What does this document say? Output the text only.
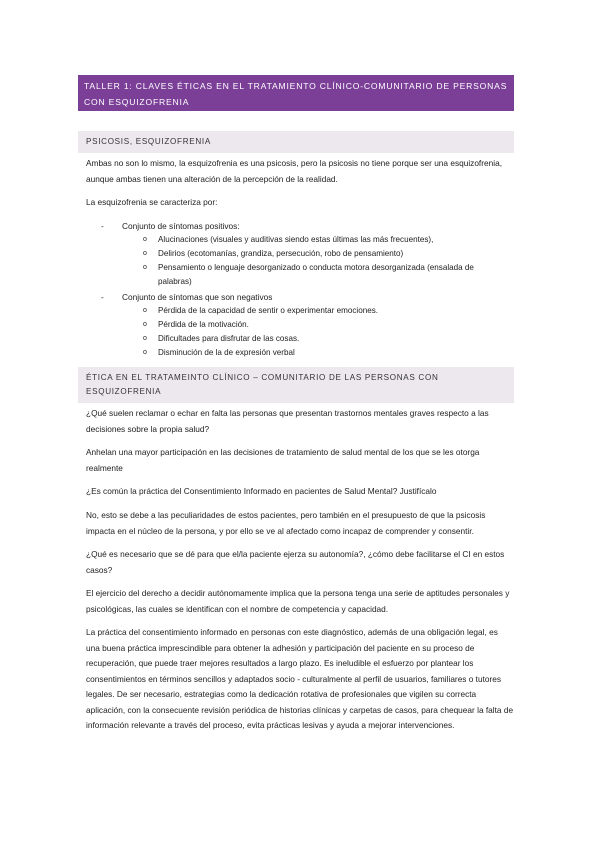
TALLER 1: CLAVES ÉTICAS EN EL TRATAMIENTO CLÍNICO-COMUNITARIO DE PERSONAS CON ESQUIZOFRENIA
PSICOSIS, ESQUIZOFRENIA

Ambas no son lo mismo, la esquizofrenia es una psicosis, pero la psicosis no tiene porque ser una esquizofrenia, aunque ambas tienen una alteración de la percepción de la realidad.

La esquizofrenia se caracteriza por:

- Conjunto de síntomas positivos:
o Alucinaciones (visuales y auditivas siendo estas últimas las más frecuentes),
o Delirios (ecotomanías, grandiza, persecución, robo de pensamiento)
o Pensamiento o lenguaje desorganizado o conducta motora desorganizada (ensalada de palabras)
- Conjunto de síntomas que son negativos
o Pérdida de la capacidad de sentir o experimentar emociones.
o Pérdida de la motivación.
o Dificultades para disfrutar de las cosas.
o Disminución de la de expresión verbal
ÉTICA EN EL TRATAMEINTO CLÍNICO – COMUNITARIO DE LAS PERSONAS CON ESQUIZOFRENIA

¿Qué suelen reclamar o echar en falta las personas que presentan trastornos mentales graves respecto a las decisiones sobre la propia salud?

Anhelan una mayor participación en las decisiones de tratamiento de salud mental de los que se les otorga realmente

¿Es común la práctica del Consentimiento Informado en pacientes de Salud Mental? Justifícalo

No, esto se debe a las peculiaridades de estos pacientes, pero también en el presupuesto de que la psicosis impacta en el núcleo de la persona, y por ello se ve al afectado como incapaz de comprender y consentir.

¿Qué es necesario que se dé para que el/la paciente ejerza su autonomía?, ¿cómo debe facilitarse el CI en estos casos?

El ejercicio del derecho a decidir autónomamente implica que la persona tenga una serie de aptitudes personales y psicológicas, las cuales se identifican con el nombre de competencia y capacidad.

La práctica del consentimiento informado en personas con este diagnóstico, además de una obligación legal, es una buena práctica imprescindible para obtener la adhesión y participación del paciente en su proceso de recuperación, que puede traer mejores resultados a largo plazo. Es ineludible el esfuerzo por plantear los consentimientos en términos sencillos y adaptados socio - culturalmente al perfil de usuarios, familiares o tutores legales. De ser necesario, estrategias como la dedicación rotativa de profesionales que vigilen su correcta aplicación, con la consecuente revisión periódica de historias clínicas y carpetas de casos, para chequear la falta de información relevante a través del proceso, evita prácticas lesivas y ayuda a mejorar intervenciones.
